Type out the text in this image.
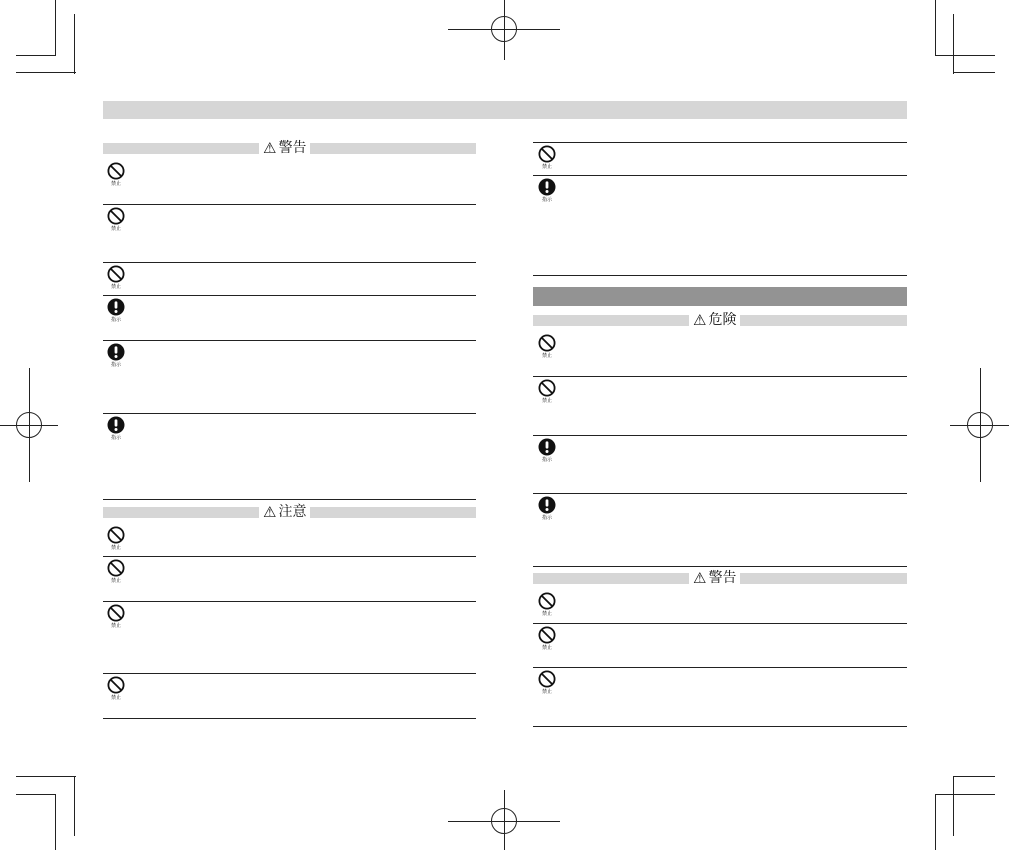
⚠ 警告
禁止
禁止
禁止
指示
指示
指示
⚠ 注意
禁止
禁止
禁止
禁止
禁止
指示
⚠ 危険
禁止
禁止
指示
指示
⚠ 警告
禁止
禁止
禁止
